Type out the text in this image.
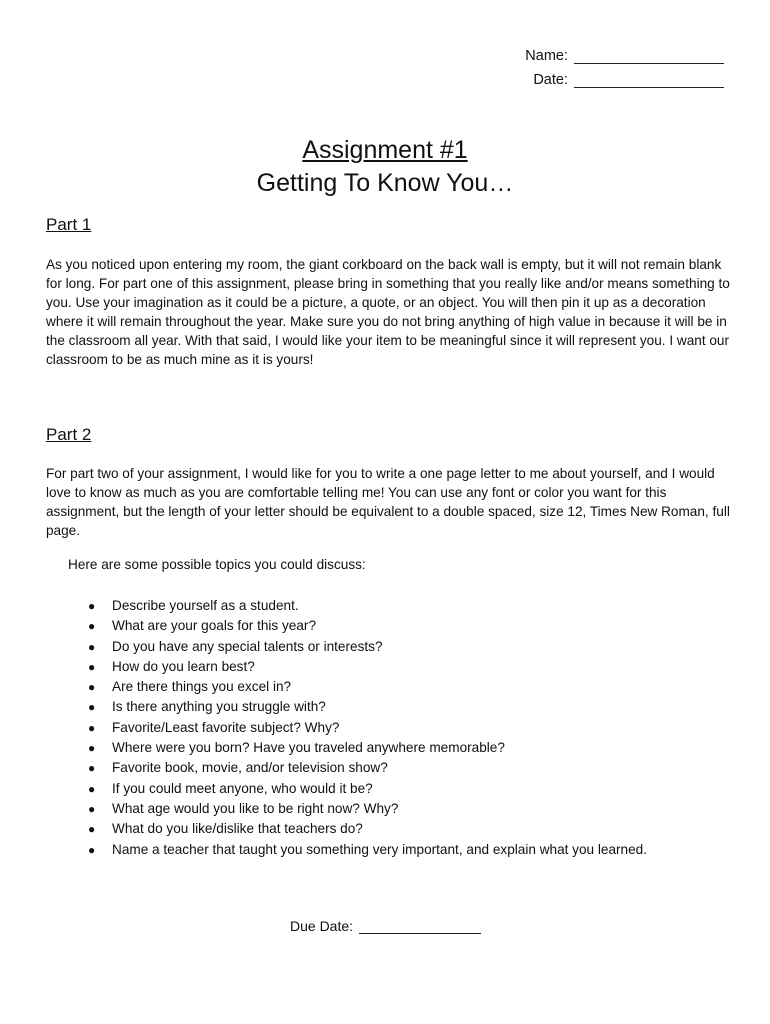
Name:
Date:
Assignment #1
Getting To Know You…
Part 1

As you noticed upon entering my room, the giant corkboard on the back wall is empty, but it will not remain blank for long. For part one of this assignment, please bring in something that you really like and/or means something to you. Use your imagination as it could be a picture, a quote, or an object. You will then pin it up as a decoration where it will remain throughout the year. Make sure you do not bring anything of high value in because it will be in the classroom all year. With that said, I would like your item to be meaningful since it will represent you. I want our classroom to be as much mine as it is yours!

Part 2

For part two of your assignment, I would like for you to write a one page letter to me about yourself, and I would love to know as much as you are comfortable telling me! You can use any font or color you want for this assignment, but the length of your letter should be equivalent to a double spaced, size 12, Times New Roman, full page.

Here are some possible topics you could discuss:
●	Describe yourself as a student.
●	What are your goals for this year?
●	Do you have any special talents or interests?
●	How do you learn best?
●	Are there things you excel in?
●	Is there anything you struggle with?
●	Favorite/Least favorite subject? Why?
●	Where were you born? Have you traveled anywhere memorable?
●	Favorite book, movie, and/or television show?
●	If you could meet anyone, who would it be?
●	What age would you like to be right now? Why?
●	What do you like/dislike that teachers do?
●	Name a teacher that taught you something very important, and explain what you learned.
Due Date:
